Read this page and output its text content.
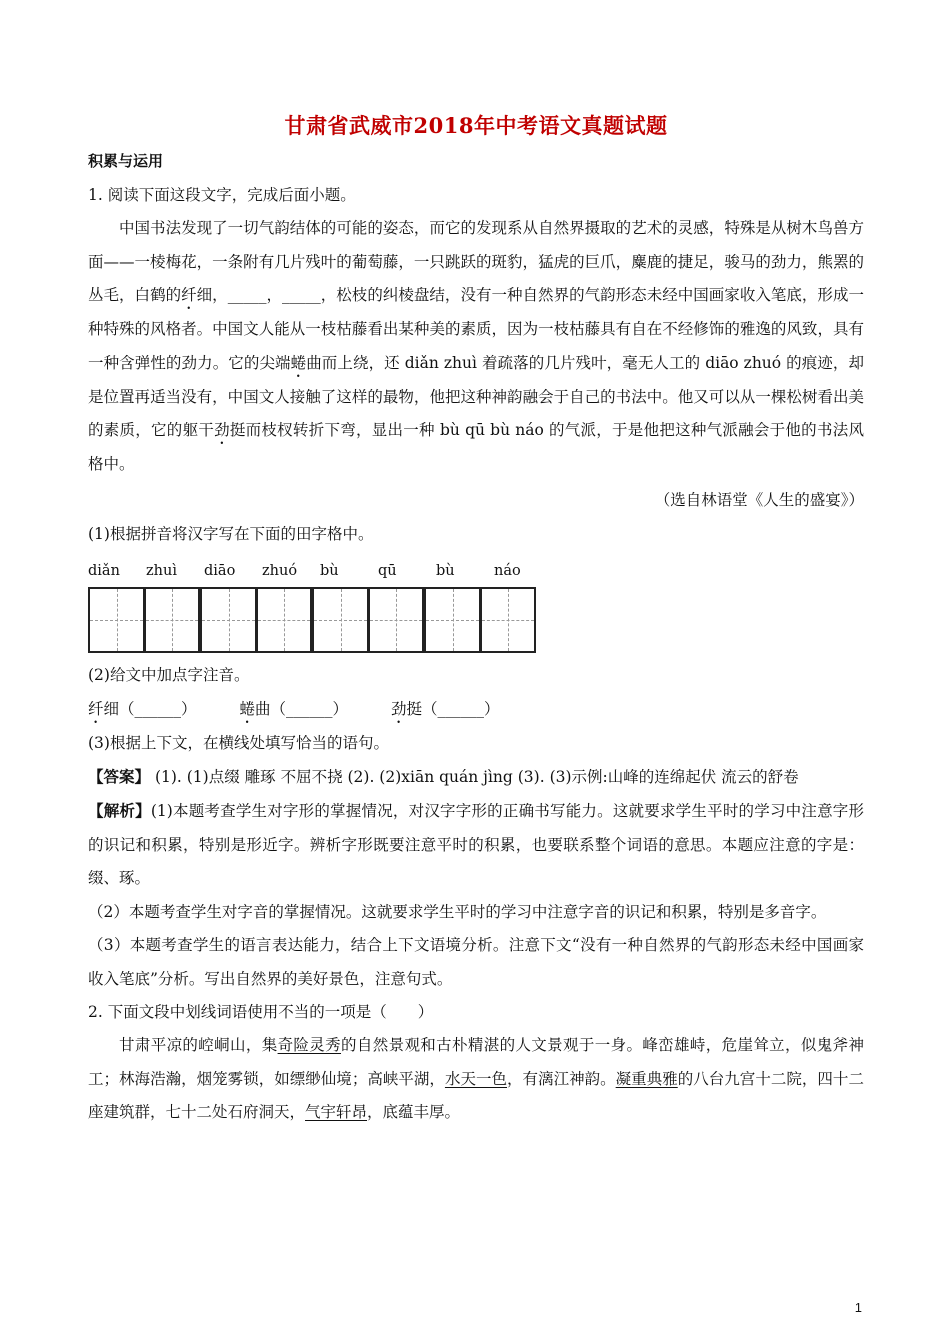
甘肃省武威市2018年中考语文真题试题

积累与运用

1. 阅读下面这段文字，完成后面小题。

中国书法发现了一切气韵结体的可能的姿态，而它的发现系从自然界摄取的艺术的灵感，特殊是从树木鸟兽方面——一棱梅花，一条附有几片残叶的葡萄藤，一只跳跃的斑豹，猛虎的巨爪，麋鹿的捷足，骏马的劲力，熊罴的丛毛，白鹤的纤细，_____，_____，松枝的纠棱盘结，没有一种自然界的气韵形态未经中国画家收入笔底，形成一种特殊的风格者。中国文人能从一枝枯藤看出某种美的素质，因为一枝枯藤具有自在不经修饰的雅逸的风致，具有一种含弹性的劲力。它的尖端蜷曲而上绕，还 diǎn zhuì 着疏落的几片残叶，毫无人工的 diāo zhuó 的痕迹，却是位置再适当没有，中国文人接触了这样的最物，他把这种神韵融会于自己的书法中。他又可以从一棵松树看出美的素质，它的躯干劲挺而枝杈转折下弯，显出一种 bù qū bù náo 的气派，于是他把这种气派融会于他的书法风格中。

（选自林语堂《人生的盛宴》）

(1)根据拼音将汉字写在下面的田字格中。

diǎn	zhuì	diāo	zhuó	bù	qū	bù	náo

(2)给文中加点字注音。

纤细（______）	蜷曲（______）	劲挺（______）

(3)根据上下文，在横线处填写恰当的语句。

【答案】 (1). (1)点缀 雕琢 不屈不挠 (2). (2)xiān quán jìng (3). (3)示例:山峰的连绵起伏 流云的舒卷

【解析】(1)本题考查学生对字形的掌握情况，对汉字字形的正确书写能力。这就要求学生平时的学习中注意字形的识记和积累，特别是形近字。辨析字形既要注意平时的积累，也要联系整个词语的意思。本题应注意的字是：缀、琢。

（2）本题考查学生对字音的掌握情况。这就要求学生平时的学习中注意字音的识记和积累，特别是多音字。

（3）本题考查学生的语言表达能力，结合上下文语境分析。注意下文“没有一种自然界的气韵形态未经中国画家收入笔底”分析。写出自然界的美好景色，注意句式。

2. 下面文段中划线词语使用不当的一项是（　　）

甘肃平凉的崆峒山，集奇险灵秀的自然景观和古朴精湛的人文景观于一身。峰峦雄峙，危崖耸立，似鬼斧神工；林海浩瀚，烟笼雾锁，如缥缈仙境；高峡平湖，水天一色，有漓江神韵。凝重典雅的八台九宫十二院，四十二座建筑群，七十二处石府洞天，气宇轩昂，底蕴丰厚。

1
